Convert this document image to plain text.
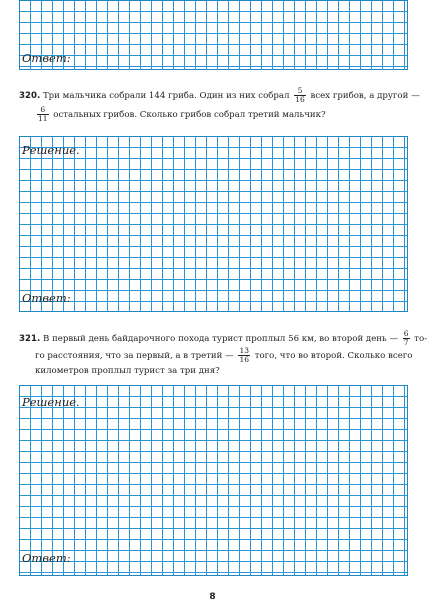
Ответ:
320. Три мальчика собрали 144 гриба. Один из них собрал $\frac{5}{16}$ всех грибов, а другой —
$\frac{6}{11}$ остальных грибов. Сколько грибов собрал третий мальчик?
Решение.
Ответ:
321. В первый день байдарочного похода турист проплыл 56 км, во второй день — $\frac{6}{7} то-$
го расстояния, что за первый, а в третий — $\frac{13}{16}$ того, что во второй. Сколько всего
километров проплыл турист за три дня?
Решение.
Ответ:
8
